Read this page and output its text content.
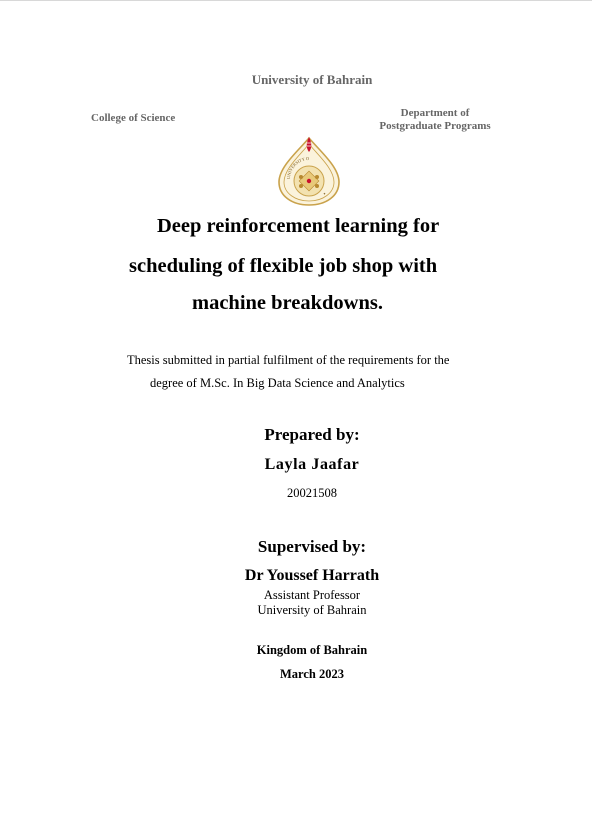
University of Bahrain
College of Science	Department of
Postgraduate Programs
UNIVERSITY O
✦
Deep reinforcement learning for
scheduling of flexible job shop with
machine breakdowns.
Thesis submitted in partial fulfilment of the requirements for the
degree of M.Sc. In Big Data Science and Analytics
Prepared by:
Layla Jaafar
20021508
Supervised by:
Dr Youssef Harrath
Assistant Professor
University of Bahrain
Kingdom of Bahrain
March 2023
